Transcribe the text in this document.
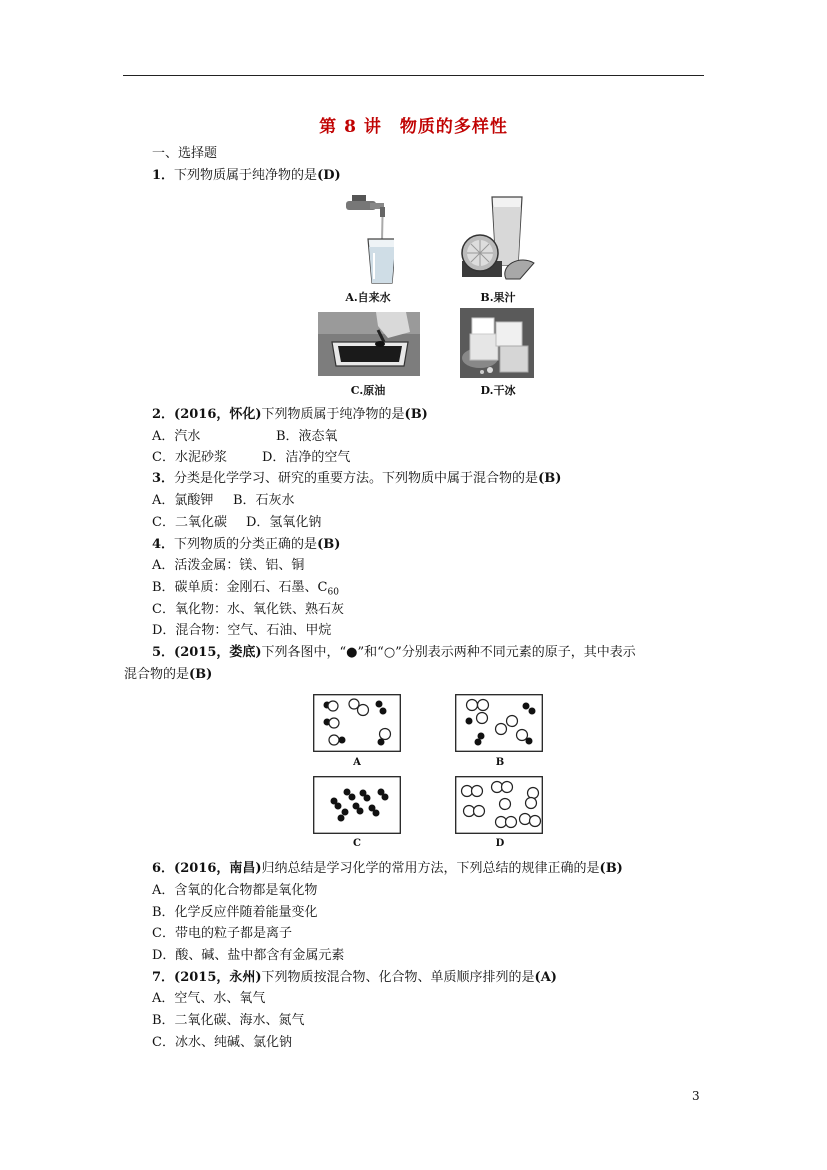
第 8 讲　物质的多样性
一、选择题
1．下列物质属于纯净物的是(D)
A.自来水	B.果汁
C.原油	D.干冰
2．(2016，怀化)下列物质属于纯净物的是(B)
A．汽水	B．液态氧
C．水泥砂浆	D．洁净的空气
3．分类是化学学习、研究的重要方法。下列物质中属于混合物的是(B)
A．氯酸钾 B．石灰水
C．二氧化碳 D．氢氧化钠
4．下列物质的分类正确的是(B)
A．活泼金属：镁、铝、铜
B．碳单质：金刚石、石墨、$C_{60}$
C．氧化物：水、氧化铁、熟石灰
D．混合物：空气、石油、甲烷
5．(2015，娄底)下列各图中，“●”和“○”分别表示两种不同元素的原子，其中表示
混合物的是(B)
A	B
C	D
6．(2016，南昌)归纳总结是学习化学的常用方法，下列总结的规律正确的是(B)
A．含氧的化合物都是氧化物
B．化学反应伴随着能量变化
C．带电的粒子都是离子
D．酸、碱、盐中都含有金属元素
7．(2015，永州)下列物质按混合物、化合物、单质顺序排列的是(A)
A．空气、水、氧气
B．二氧化碳、海水、氮气
C．冰水、纯碱、氯化钠
3
